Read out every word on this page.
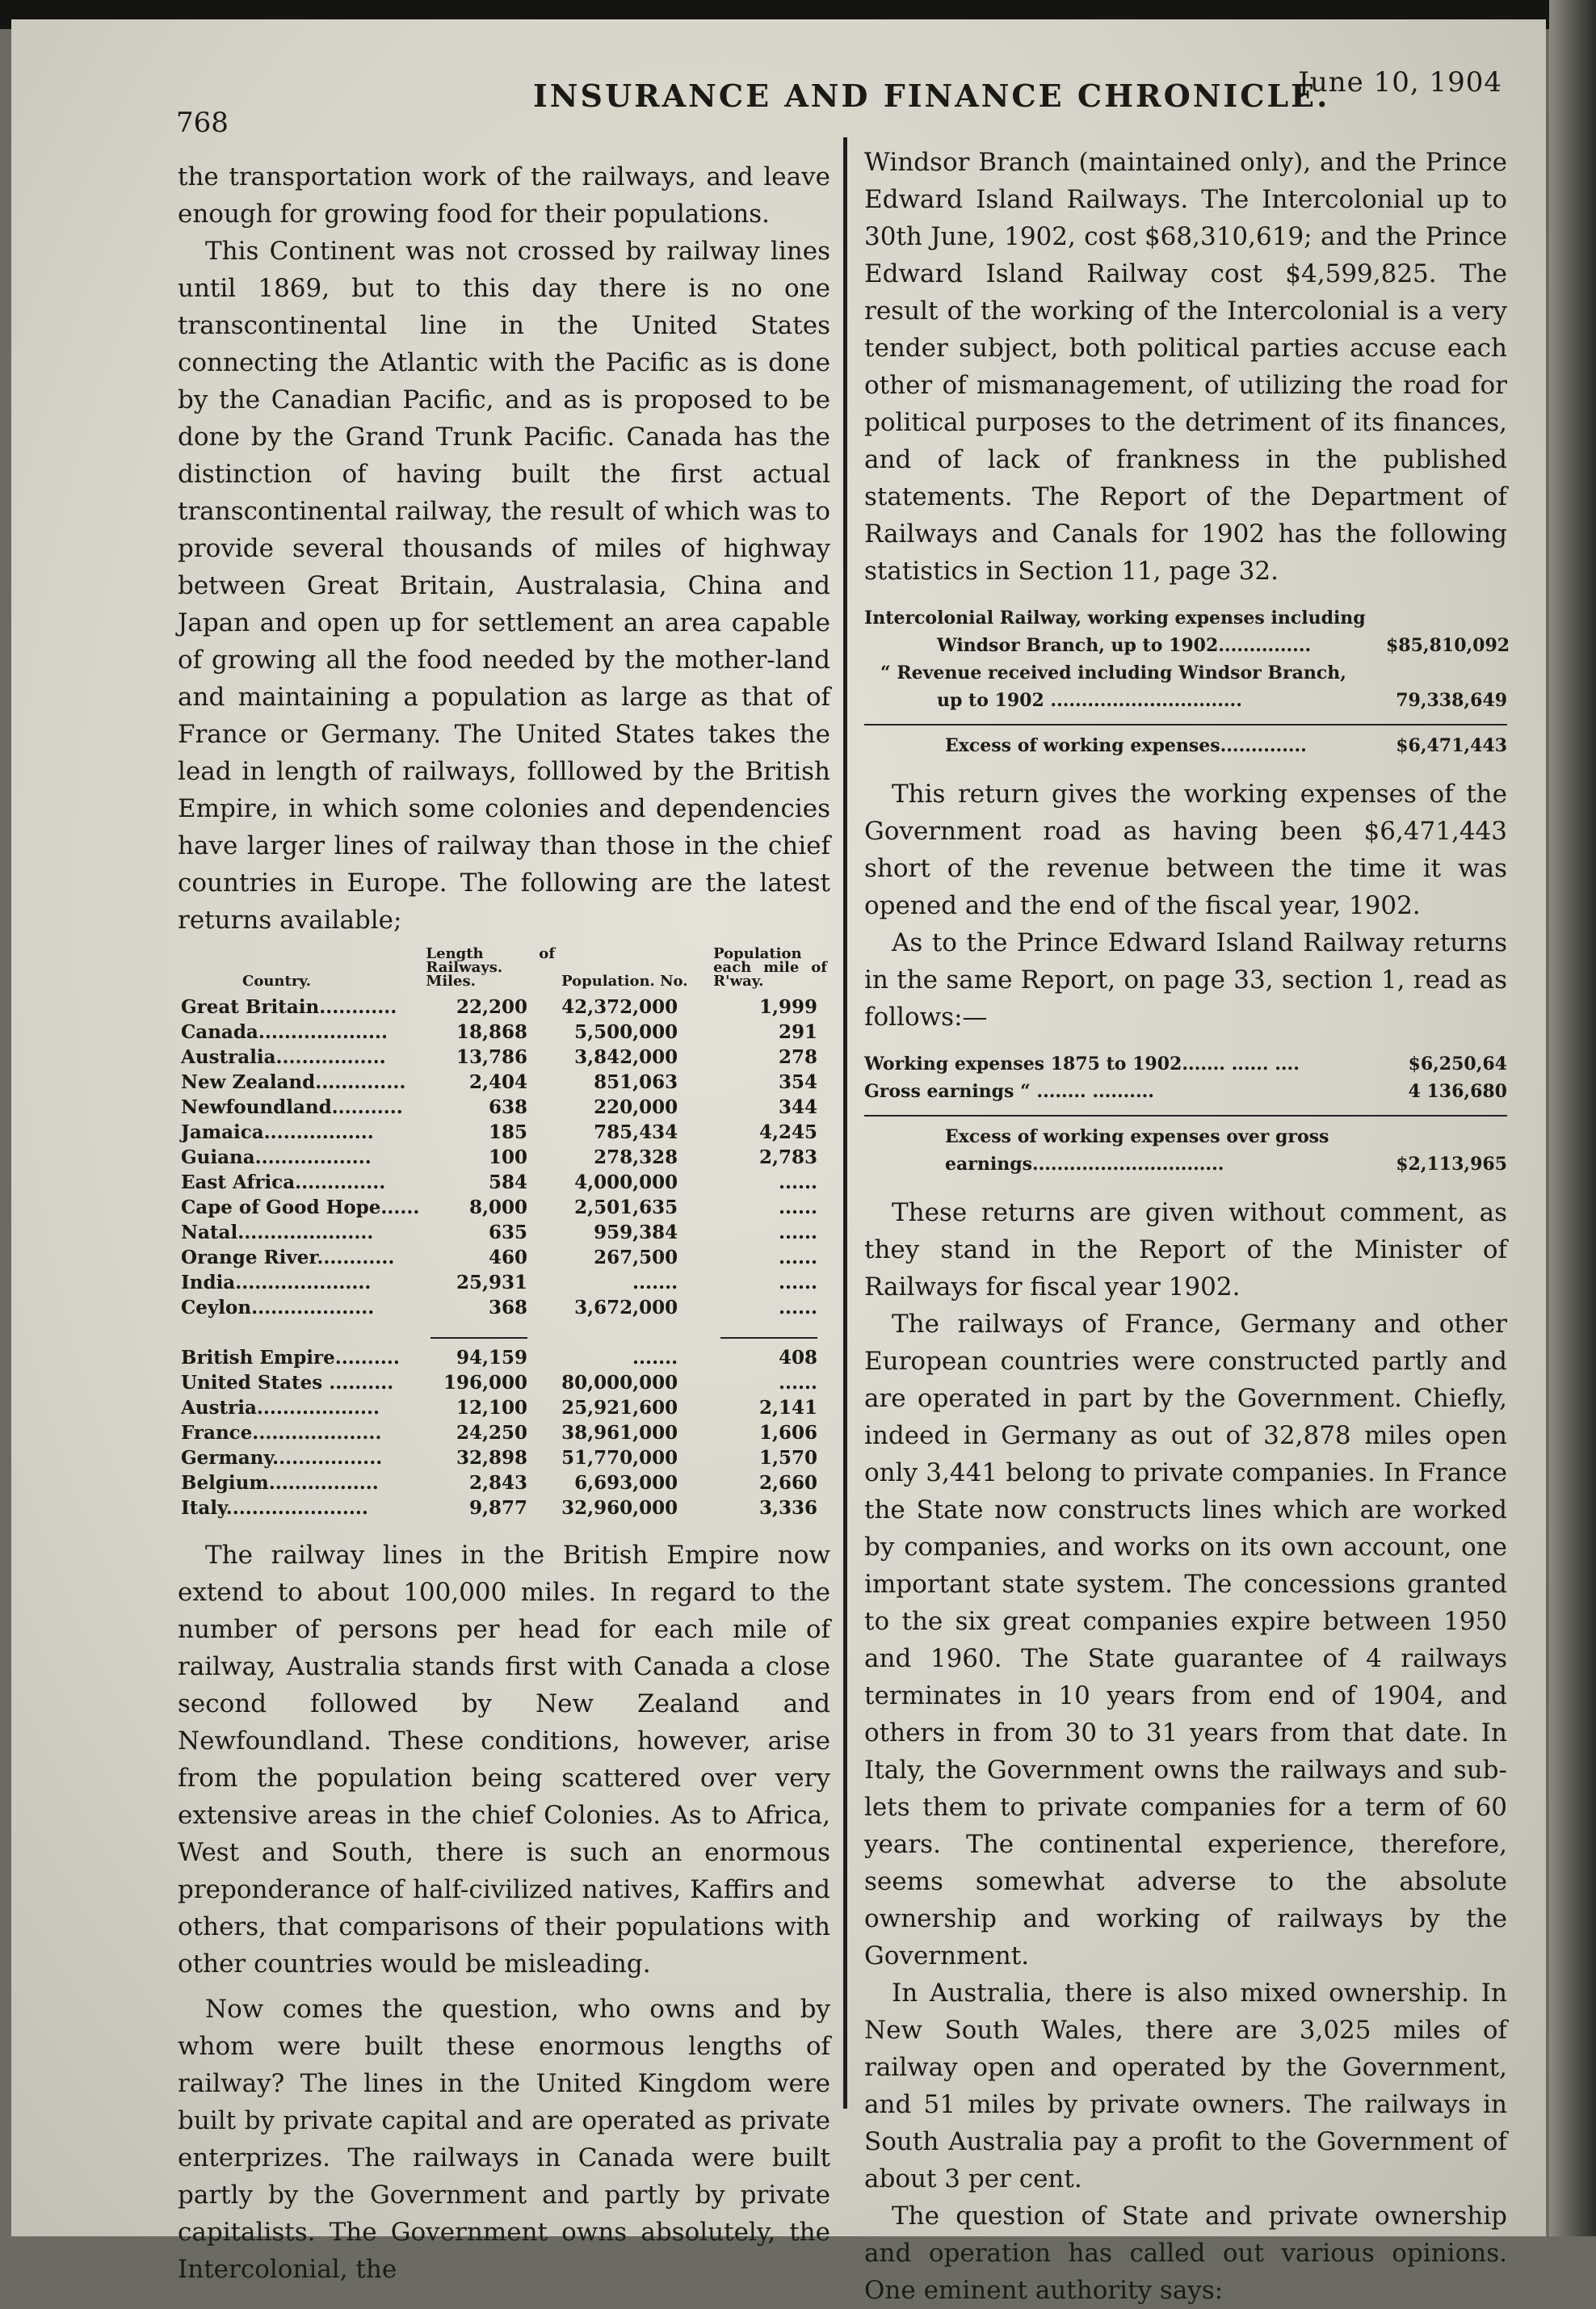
768
INSURANCE AND FINANCE CHRONICLE.
June 10, 1904

the transportation work of the railways, and leave enough for growing food for their populations.

This Continent was not crossed by railway lines until 1869, but to this day there is no one transcontinental line in the United States connecting the Atlantic with the Pacific as is done by the Canadian Pacific, and as is proposed to be done by the Grand Trunk Pacific. Canada has the distinction of having built the first actual transcontinental railway, the result of which was to provide several thousands of miles of highway between Great Britain, Australasia, China and Japan and open up for settlement an area capable of growing all the food needed by the mother-land and maintaining a population as large as that of France or Germany. The United States takes the lead in length of railways, folllowed by the British Empire, in which some colonies and dependencies have larger lines of railway than those in the chief countries in Europe. The following are the latest returns available;

Country.	Length of Railways. Miles.	Population. No.	Population each mile of R'way.
Great Britain............	22,200	42,372,000	1,999
Canada....................	18,868	5,500,000	291
Australia.................	13,786	3,842,000	278
New Zealand..............	2,404	851,063	354
Newfoundland...........	638	220,000	344
Jamaica.................	185	785,434	4,245
Guiana..................	100	278,328	2,783
East Africa..............	584	4,000,000	......
Cape of Good Hope......	8,000	2,501,635	......
Natal.....................	635	959,384	......
Orange River............	460	267,500	......
India.....................	25,931	.......	......
Ceylon...................	368	3,672,000	......

British Empire..........	94,159	.......	408
United States ..........	196,000	80,000,000	......
Austria...................	12,100	25,921,600	2,141
France....................	24,250	38,961,000	1,606
Germany.................	32,898	51,770,000	1,570
Belgium.................	2,843	6,693,000	2,660
Italy......................	9,877	32,960,000	3,336

The railway lines in the British Empire now extend to about 100,000 miles. In regard to the number of persons per head for each mile of railway, Australia stands first with Canada a close second followed by New Zealand and Newfoundland. These conditions, however, arise from the population being scattered over very extensive areas in the chief Colonies. As to Africa, West and South, there is such an enormous preponderance of half-civilized natives, Kaffirs and others, that comparisons of their populations with other countries would be misleading.

Now comes the question, who owns and by whom were built these enormous lengths of railway? The lines in the United Kingdom were built by private capital and are operated as private enterprizes. The railways in Canada were built partly by the Government and partly by private capitalists. The Government owns absolutely, the Intercolonial, the

Windsor Branch (maintained only), and the Prince Edward Island Railways. The Intercolonial up to 30th June, 1902, cost $68,310,619; and the Prince Edward Island Railway cost $4,599,825. The result of the working of the Intercolonial is a very tender subject, both political parties accuse each other of mismanagement, of utilizing the road for political purposes to the detriment of its finances, and of lack of frankness in the published statements. The Report of the Department of Railways and Canals for 1902 has the following statistics in Section 11, page 32.

Intercolonial Railway, working expenses including
Windsor Branch, up to 1902...............	$85,810,092
“ Revenue received including Windsor Branch,
up to 1902 ...............................	79,338,649
Excess of working expenses..............	$6,471,443

This return gives the working expenses of the Government road as having been $6,471,443 short of the revenue between the time it was opened and the end of the fiscal year, 1902.

As to the Prince Edward Island Railway returns in the same Report, on page 33, section 1, read as follows:—

Working expenses 1875 to 1902....... ...... ....	$6,250,64
Gross earnings “ ........ ..........	4 136,680
Excess of working expenses over gross
earnings...............................	$2,113,965

These returns are given without comment, as they stand in the Report of the Minister of Railways for fiscal year 1902.

The railways of France, Germany and other European countries were constructed partly and are operated in part by the Government. Chiefly, indeed in Germany as out of 32,878 miles open only 3,441 belong to private companies. In France the State now constructs lines which are worked by companies, and works on its own account, one important state system. The concessions granted to the six great companies expire between 1950 and 1960. The State guarantee of 4 railways terminates in 10 years from end of 1904, and others in from 30 to 31 years from that date. In Italy, the Government owns the railways and sub-lets them to private companies for a term of 60 years. The continental experience, therefore, seems somewhat adverse to the absolute ownership and working of railways by the Government.

In Australia, there is also mixed ownership. In New South Wales, there are 3,025 miles of railway open and operated by the Government, and 51 miles by private owners. The railways in South Australia pay a profit to the Government of about 3 per cent.

The question of State and private ownership and operation has called out various opinions. One eminent authority says:
